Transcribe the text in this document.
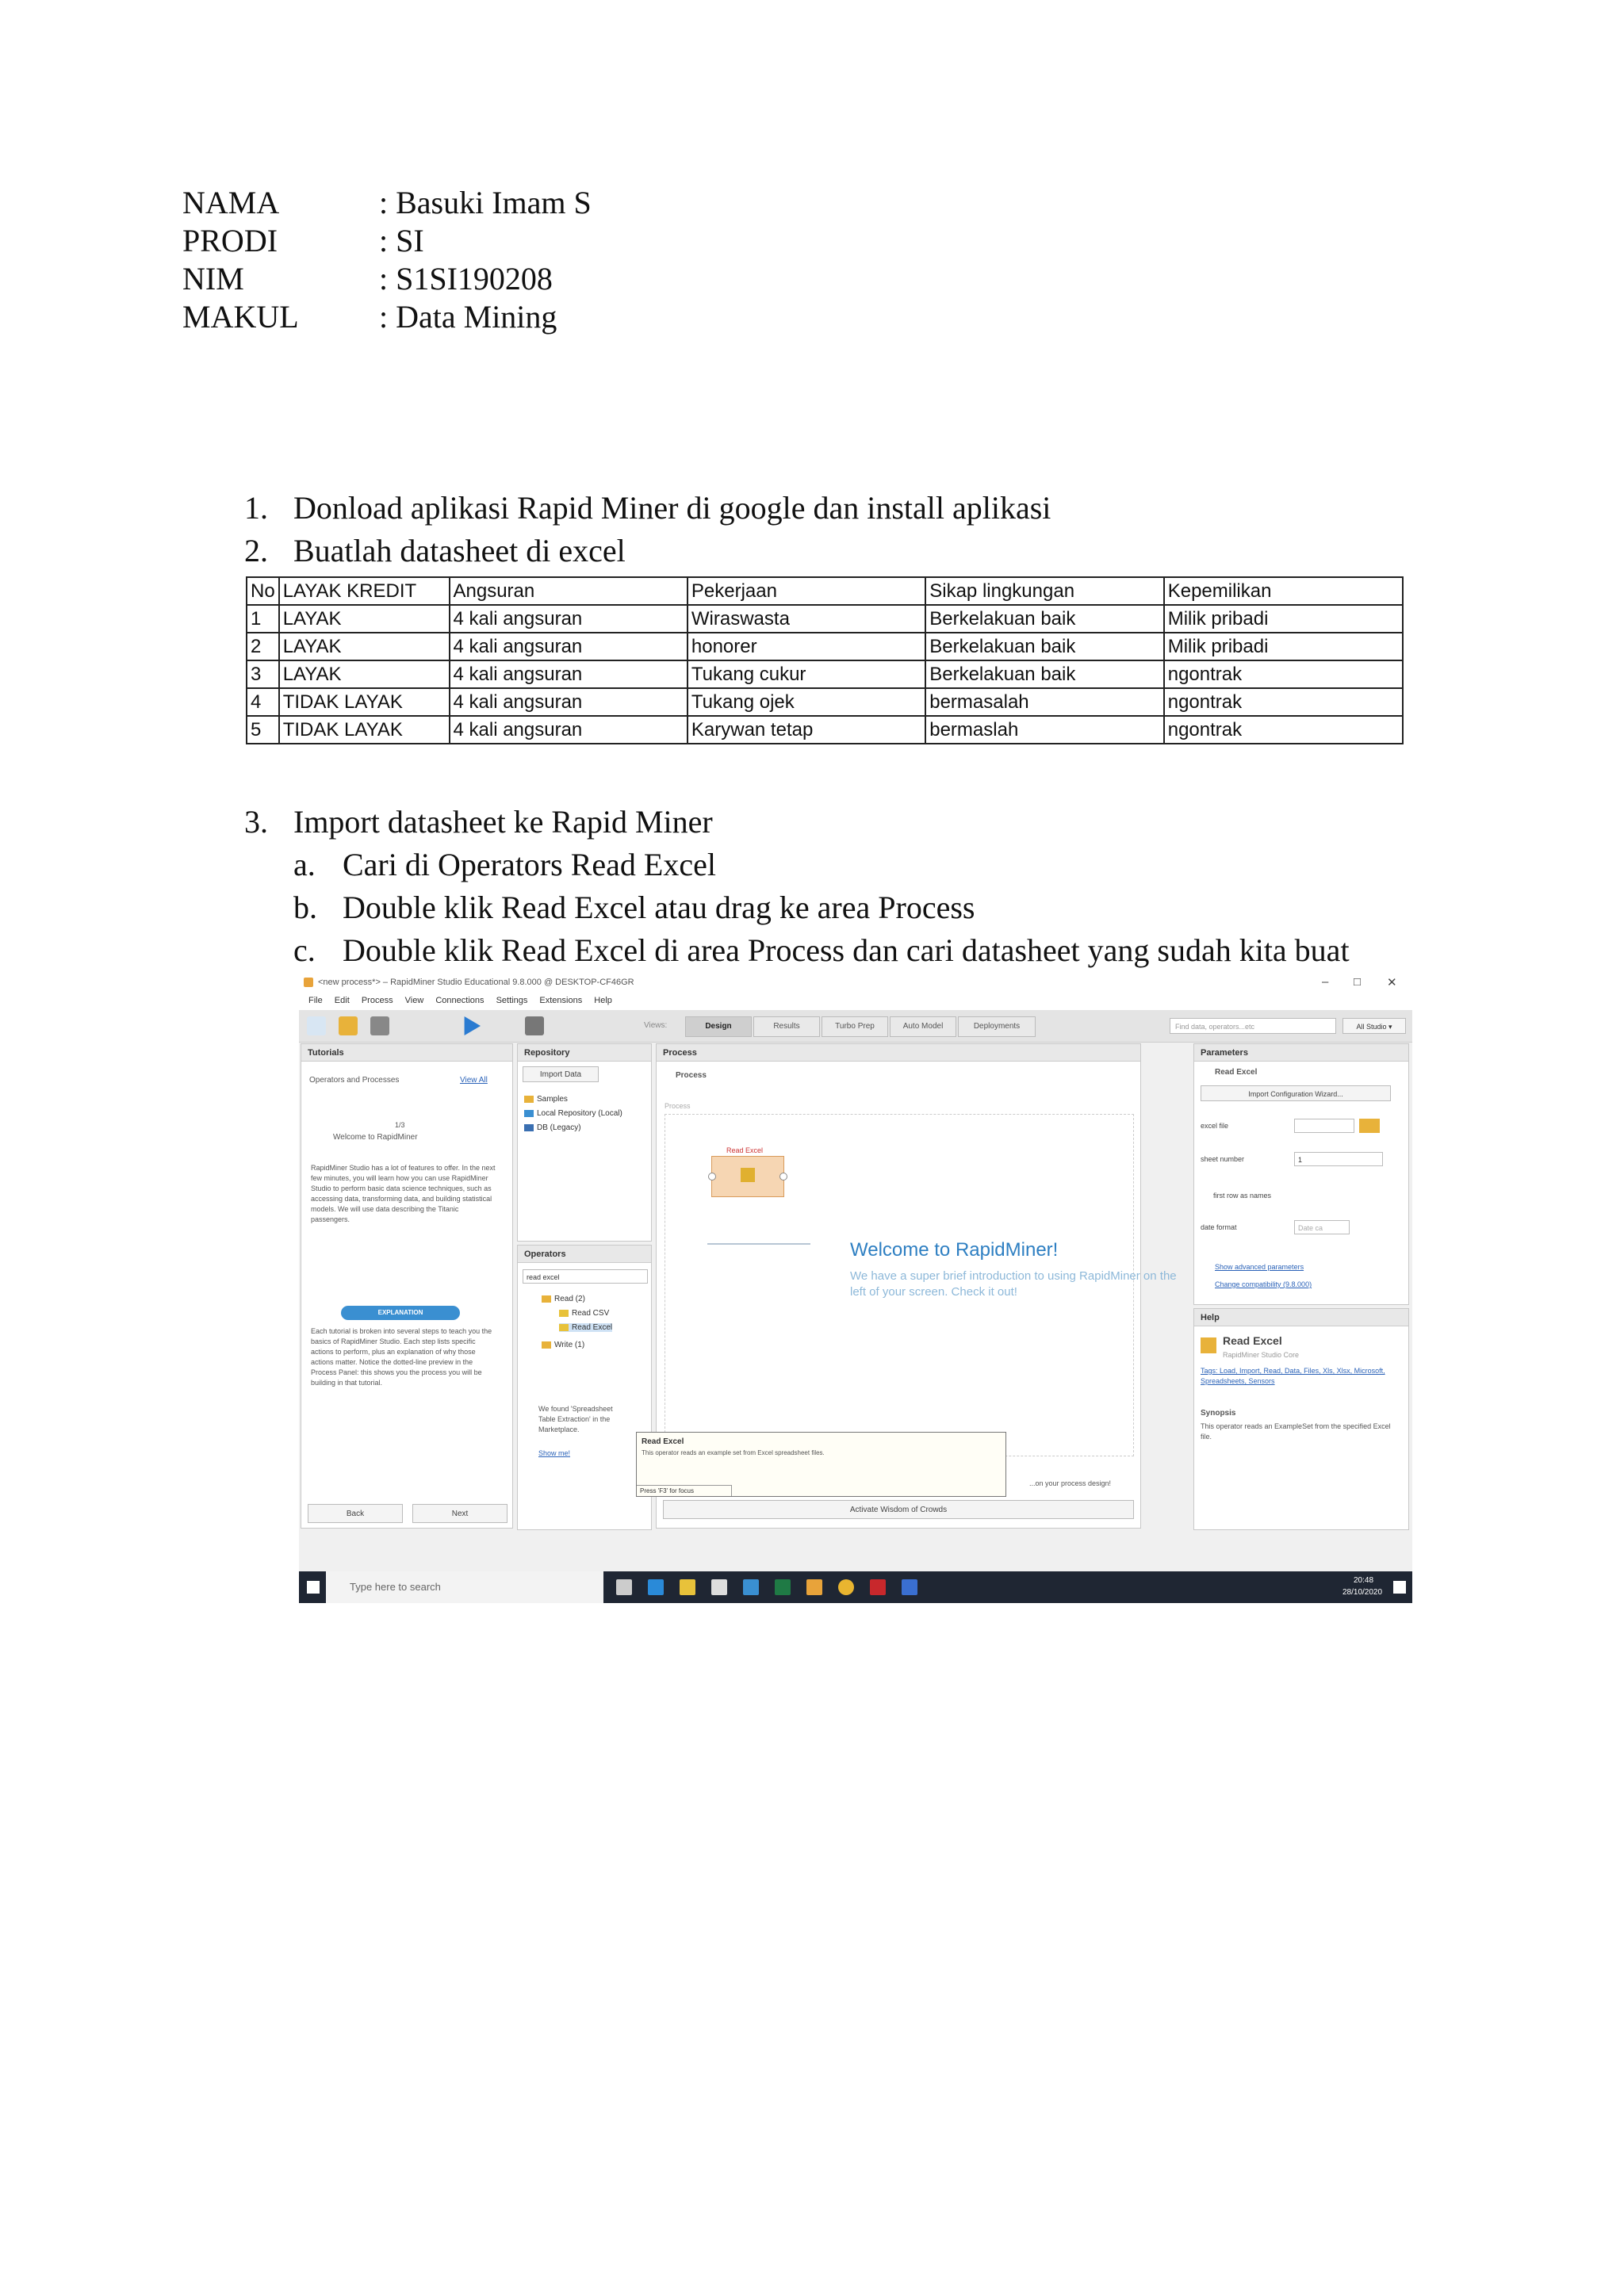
NAMA	: Basuki Imam S
PRODI	: SI
NIM	: S1SI190208
MAKUL	: Data Mining
1. Donload aplikasi Rapid Miner di google dan install aplikasi
2. Buatlah datasheet di excel
No	LAYAK KREDIT	Angsuran	Pekerjaan	Sikap lingkungan	Kepemilikan
1	LAYAK	4 kali angsuran	Wiraswasta	Berkelakuan baik	Milik pribadi
2	LAYAK	4 kali angsuran	honorer	Berkelakuan baik	Milik pribadi
3	LAYAK	4 kali angsuran	Tukang cukur	Berkelakuan baik	ngontrak
4	TIDAK LAYAK	4 kali angsuran	Tukang ojek	bermasalah	ngontrak
5	TIDAK LAYAK	4 kali angsuran	Karywan tetap	bermaslah	ngontrak
3. Import datasheet ke Rapid Miner
a. Cari di Operators Read Excel
b. Double klik Read Excel atau drag ke area Process
c. Double klik Read Excel di area Process dan cari datasheet yang sudah kita buat
<new process*> – RapidMiner Studio Educational 9.8.000 @ DESKTOP-CF46GR	– □ ✕
File Edit Process View Connections Settings Extensions Help
Views:	Design	Results	Turbo Prep	Auto Model	Deployments	Find data, operators...etc	All Studio ▾
Tutorials
Operators and Processes	View All
1/3
Welcome to RapidMiner
RapidMiner Studio has a lot of features to offer. In the next few minutes, you will learn how you can use RapidMiner Studio to perform basic data science techniques, such as accessing data, transforming data, and building statistical models. We will use data describing the Titanic passengers.
EXPLANATION
Each tutorial is broken into several steps to teach you the basics of RapidMiner Studio. Each step lists specific actions to perform, plus an explanation of why those actions matter. Notice the dotted-line preview in the Process Panel: this shows you the process you will be building in that tutorial.
Back	Next
Repository
Import Data
Samples
Local Repository (Local)
DB (Legacy)
Operators
read excel
Read (2)
Read CSV
Read Excel
Write (1)
We found 'Spreadsheet Table Extraction' in the Marketplace.
Show me!
Process
Process
Process
...on your process design!
Activate Wisdom of Crowds
Read Excel
Welcome to RapidMiner!
We have a super brief introduction to using RapidMiner on the left of your screen. Check it out!
Read Excel
This operator reads an example set from Excel spreadsheet files.
Press 'F3' for focus
Parameters
Read Excel
Import Configuration Wizard...
excel file
sheet number	1
first row as names
date format	Date ca
Show advanced parameters
Change compatibility (9.8.000)
Help
Read Excel
RapidMiner Studio Core
Tags: Load, Import, Read, Data, Files, Xls, Xlsx, Microsoft, Spreadsheets, Sensors
Synopsis
This operator reads an ExampleSet from the specified Excel file.
Type here to search
20:48
28/10/2020
